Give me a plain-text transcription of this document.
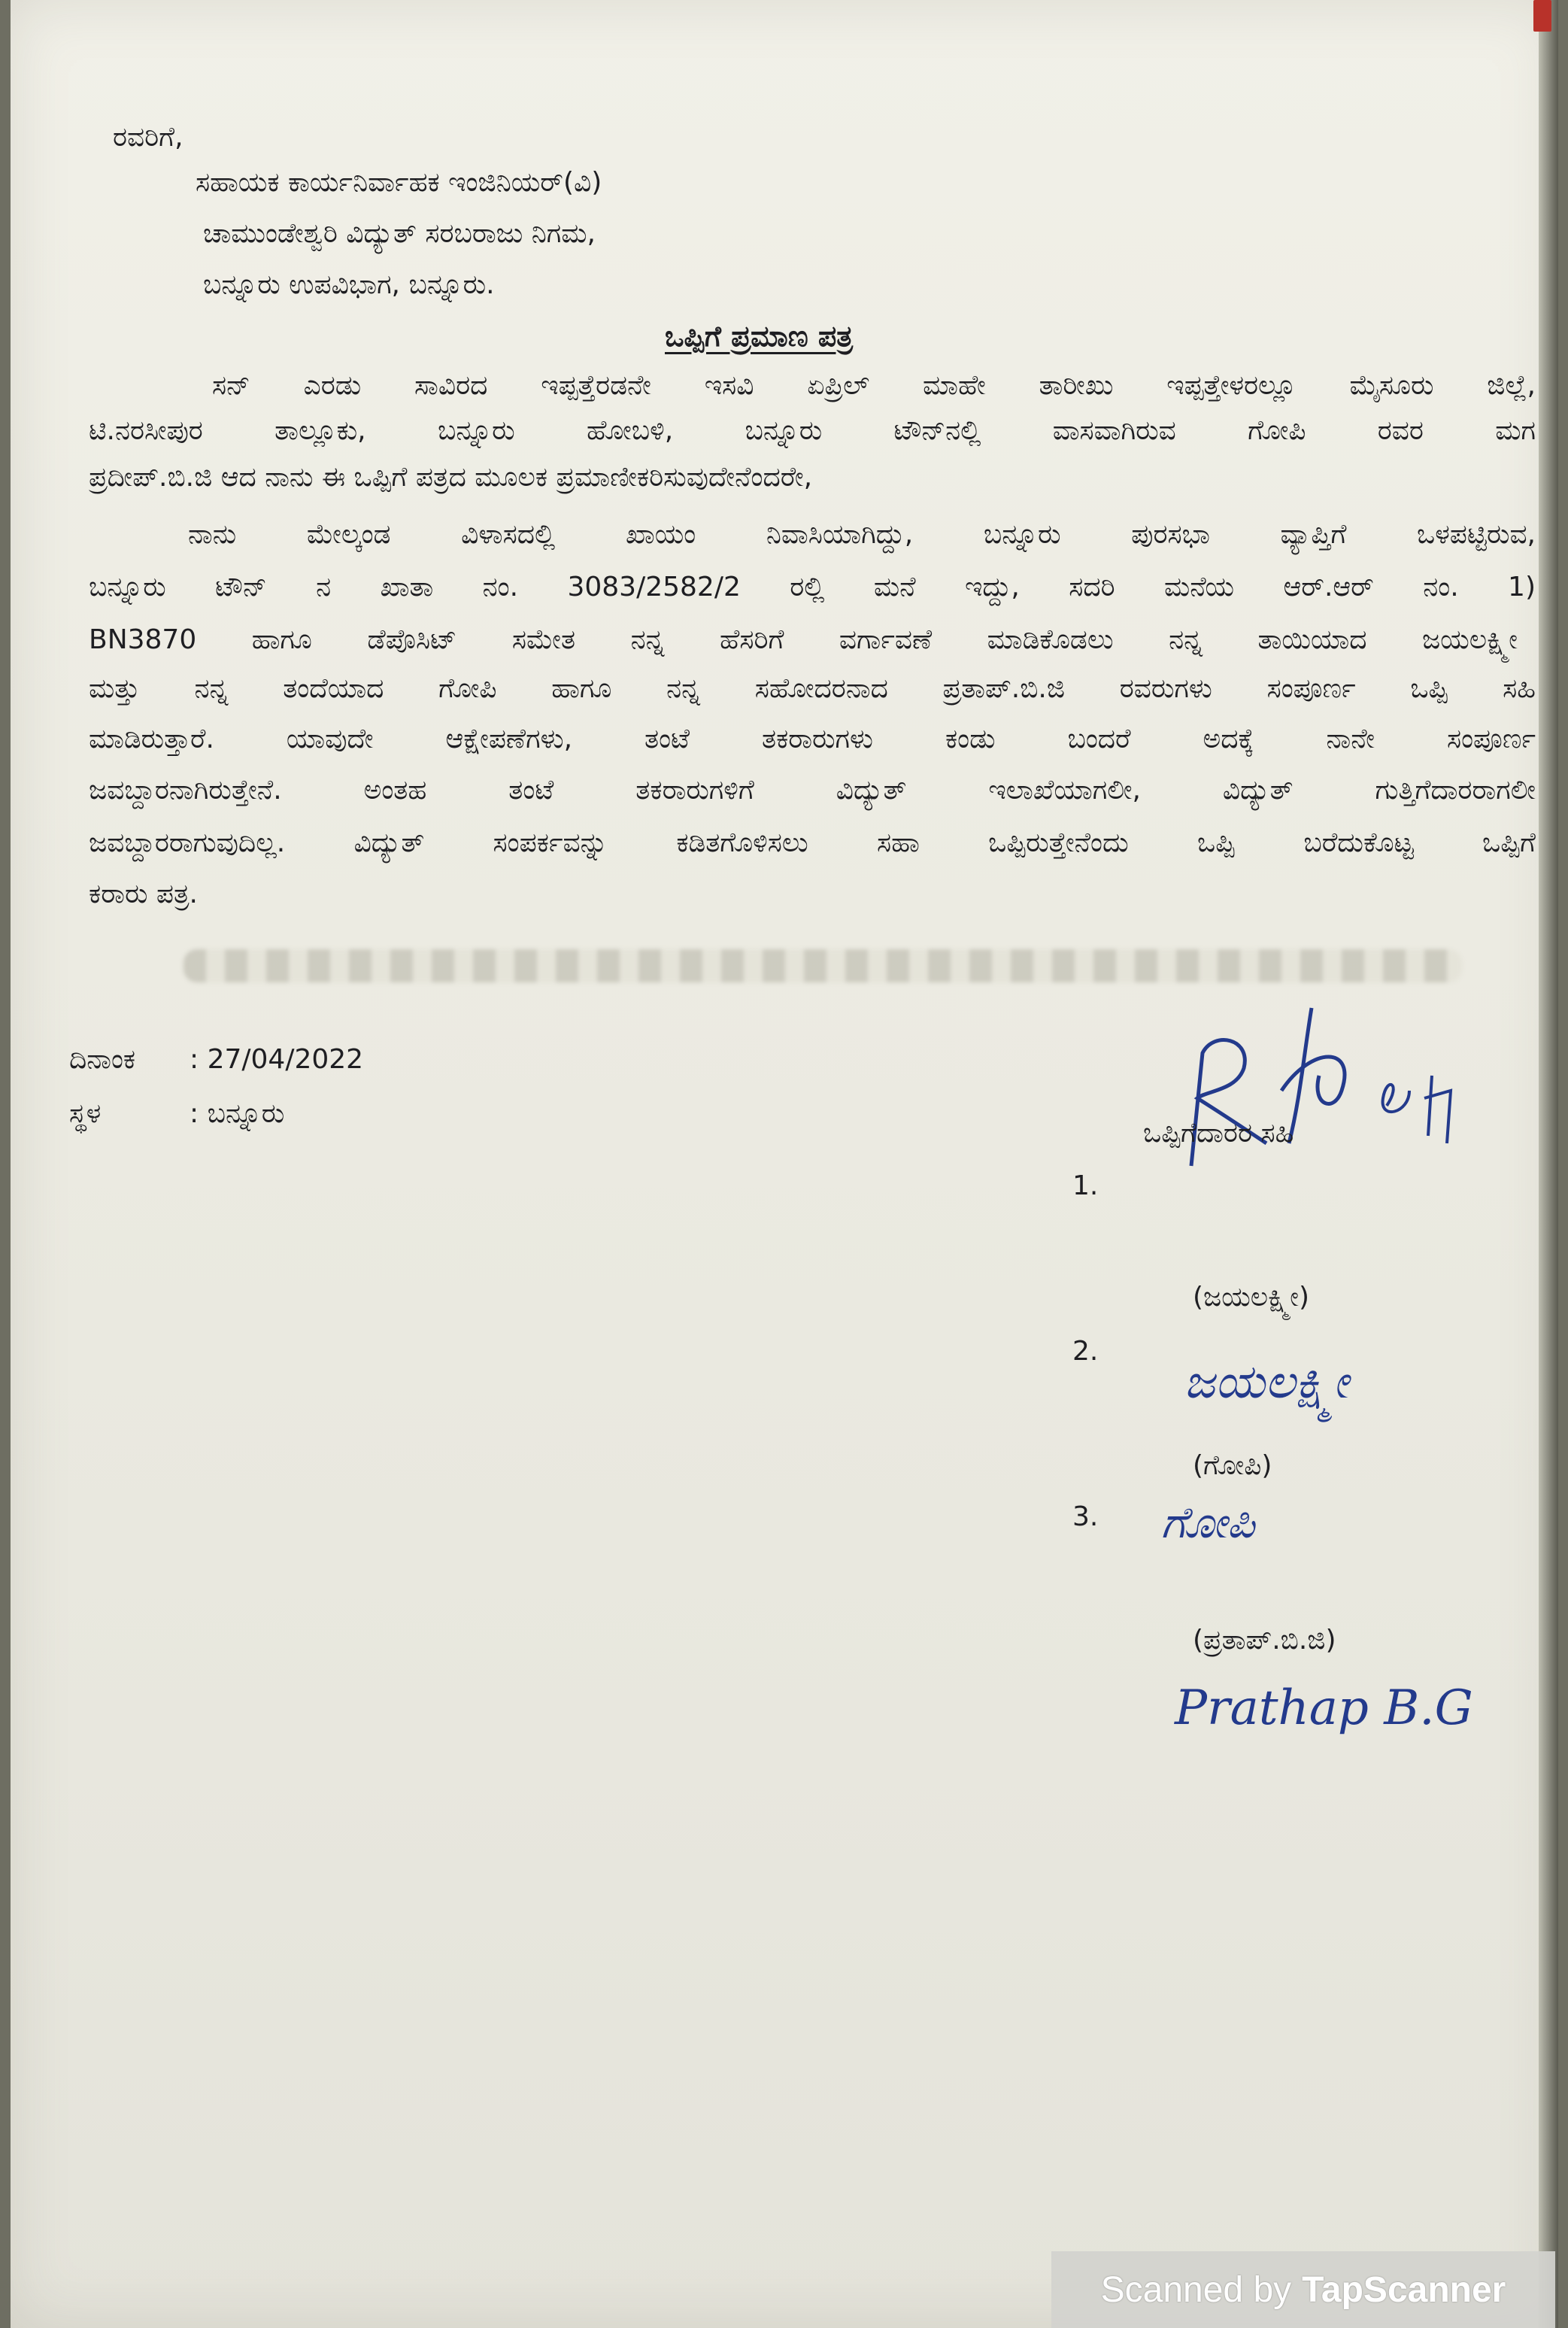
ರವರಿಗೆ,
ಸಹಾಯಕ ಕಾರ್ಯನಿರ್ವಾಹಕ ಇಂಜಿನಿಯರ್(ವಿ)
ಚಾಮುಂಡೇಶ್ವರಿ ವಿದ್ಯುತ್ ಸರಬರಾಜು ನಿಗಮ,
ಬನ್ನೂರು ಉಪವಿಭಾಗ, ಬನ್ನೂರು.
ಒಪ್ಪಿಗೆ ಪ್ರಮಾಣ ಪತ್ರ
ಸನ್ ಎರಡು ಸಾವಿರದ ಇಪ್ಪತ್ತೆರಡನೇ ಇಸವಿ ಏಪ್ರಿಲ್ ಮಾಹೇ ತಾರೀಖು ಇಪ್ಪತ್ತೇಳರಲ್ಲೂ ಮೈಸೂರು ಜಿಲ್ಲೆ,
ಟಿ.ನರಸೀಪುರ ತಾಲ್ಲೂಕು, ಬನ್ನೂರು ಹೋಬಳಿ, ಬನ್ನೂರು ಟೌನ್‌ನಲ್ಲಿ ವಾಸವಾಗಿರುವ ಗೋಪಿ ರವರ ಮಗ
ಪ್ರದೀಪ್.ಬಿ.ಜಿ ಆದ ನಾನು ಈ ಒಪ್ಪಿಗೆ ಪತ್ರದ ಮೂಲಕ ಪ್ರಮಾಣೀಕರಿಸುವುದೇನೆಂದರೇ,
ನಾನು ಮೇಲ್ಕಂಡ ವಿಳಾಸದಲ್ಲಿ ಖಾಯಂ ನಿವಾಸಿಯಾಗಿದ್ದು, ಬನ್ನೂರು ಪುರಸಭಾ ವ್ಯಾಪ್ತಿಗೆ ಒಳಪಟ್ಟಿರುವ,
ಬನ್ನೂರು ಟೌನ್ ನ ಖಾತಾ ನಂ. 3083/2582/2 ರಲ್ಲಿ ಮನೆ ಇದ್ದು, ಸದರಿ ಮನೆಯ ಆರ್.ಆರ್ ನಂ. 1)
BN3870 ಹಾಗೂ ಡೆಪೊಸಿಟ್ ಸಮೇತ ನನ್ನ ಹೆಸರಿಗೆ ವರ್ಗಾವಣೆ ಮಾಡಿಕೊಡಲು ನನ್ನ ತಾಯಿಯಾದ ಜಯಲಕ್ಷ್ಮೀ
ಮತ್ತು ನನ್ನ ತಂದೆಯಾದ ಗೋಪಿ ಹಾಗೂ ನನ್ನ ಸಹೋದರನಾದ ಪ್ರತಾಪ್.ಬಿ.ಜಿ ರವರುಗಳು ಸಂಪೂರ್ಣ ಒಪ್ಪಿ ಸಹಿ
ಮಾಡಿರುತ್ತಾರೆ. ಯಾವುದೇ ಆಕ್ಷೇಪಣೆಗಳು, ತಂಟೆ ತಕರಾರುಗಳು ಕಂಡು ಬಂದರೆ ಅದಕ್ಕೆ ನಾನೇ ಸಂಪೂರ್ಣ
ಜವಬ್ದಾರನಾಗಿರುತ್ತೇನೆ. ಅಂತಹ ತಂಟೆ ತಕರಾರುಗಳಿಗೆ ವಿದ್ಯುತ್ ಇಲಾಖೆಯಾಗಲೀ, ವಿದ್ಯುತ್ ಗುತ್ತಿಗೆದಾರರಾಗಲೀ
ಜವಬ್ದಾರರಾಗುವುದಿಲ್ಲ. ವಿದ್ಯುತ್ ಸಂಪರ್ಕವನ್ನು ಕಡಿತಗೊಳಿಸಲು ಸಹಾ ಒಪ್ಪಿರುತ್ತೇನೆಂದು ಒಪ್ಪಿ ಬರೆದುಕೊಟ್ಟ ಒಪ್ಪಿಗೆ
ಕರಾರು ಪತ್ರ.
ದಿನಾಂಕ : 27/04/2022
ಸ್ಥಳ	: ಬನ್ನೂರು
ಒಪ್ಪಿಗೆದಾರರ ಸಹಿ
1.
(ಜಯಲಕ್ಷ್ಮೀ)
ಜಯಲಕ್ಷ್ಮೀ
2.
(ಗೋಪಿ)
ಗೋಪಿ
3.
(ಪ್ರತಾಪ್.ಬಿ.ಜಿ)
Prathap B.G
Scanned by TapScanner
